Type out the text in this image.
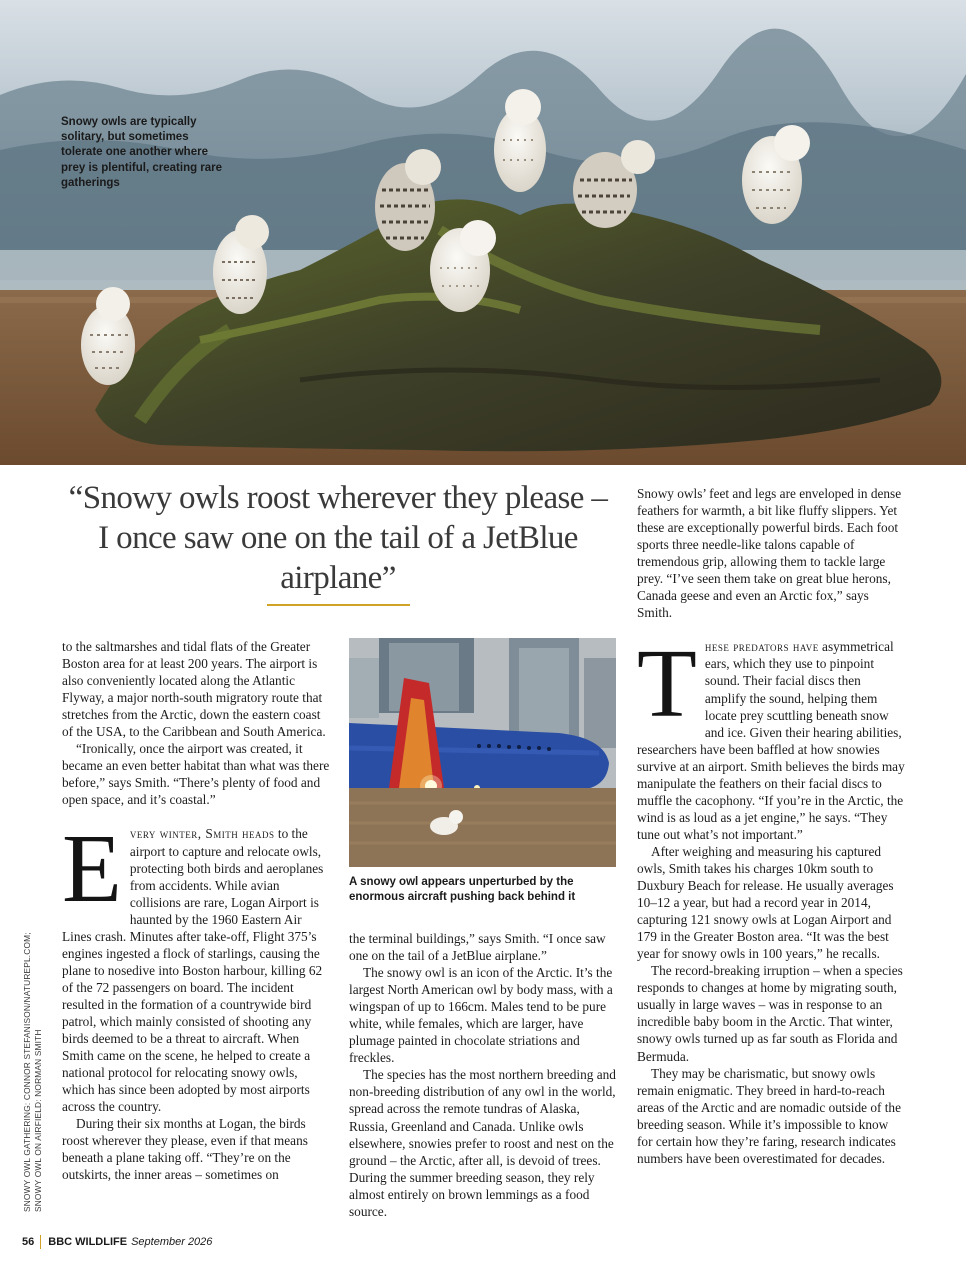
Snowy owls are typically solitary, but sometimes tolerate one another where prey is plentiful, creating rare gatherings
“Snowy owls roost wherever they please – I once saw one on the tail of a JetBlue airplane”

to the saltmarshes and tidal flats of the Greater Boston area for at least 200 years. The airport is also conveniently located along the Atlantic Flyway, a major north-south migratory route that stretches from the Arctic, down the eastern coast of the USA, to the Caribbean and South America.

“Ironically, once the airport was created, it became an even better habitat than what was there before,” says Smith. “There’s plenty of food and open space, and it’s coastal.”

Every winter, Smith heads to the airport to capture and relocate owls, protecting both birds and aeroplanes from accidents. While avian collisions are rare, Logan Airport is haunted by the 1960 Eastern Air Lines crash. Minutes after take-off, Flight 375’s engines ingested a flock of starlings, causing the plane to nosedive into Boston harbour, killing 62 of the 72 passengers on board. The incident resulted in the formation of a countrywide bird patrol, which mainly consisted of shooting any birds deemed to be a threat to aircraft. When Smith came on the scene, he helped to create a national protocol for relocating snowy owls, which has since been adopted by most airports across the country.

During their six months at Logan, the birds roost wherever they please, even if that means beneath a plane taking off. “They’re on the outskirts, the inner areas – sometimes on

A snowy owl appears unperturbed by the enormous aircraft pushing back behind it

the terminal buildings,” says Smith. “I once saw one on the tail of a JetBlue airplane.”

The snowy owl is an icon of the Arctic. It’s the largest North American owl by body mass, with a wingspan of up to 166cm. Males tend to be pure white, while females, which are larger, have plumage painted in chocolate striations and freckles.

The species has the most northern breeding and non-breeding distribution of any owl in the world, spread across the remote tundras of Alaska, Russia, Greenland and Canada. Unlike owls elsewhere, snowies prefer to roost and nest on the ground – the Arctic, after all, is devoid of trees. During the summer breeding season, they rely almost entirely on brown lemmings as a food source.

Snowy owls’ feet and legs are enveloped in dense feathers for warmth, a bit like fluffy slippers. Yet these are exceptionally powerful birds. Each foot sports three needle-like talons capable of tremendous grip, allowing them to tackle large prey. “I’ve seen them take on great blue herons, Canada geese and even an Arctic fox,” says Smith.

These predators have asymmetrical ears, which they use to pinpoint sound. Their facial discs then amplify the sound, helping them locate prey scuttling beneath snow and ice. Given their hearing abilities, researchers have been baffled at how snowies survive at an airport. Smith believes the birds may manipulate the feathers on their facial discs to muffle the cacophony. “If you’re in the Arctic, the wind is as loud as a jet engine,” he says. “They tune out what’s not important.”

After weighing and measuring his captured owls, Smith takes his charges 10km south to Duxbury Beach for release. He usually averages 10–12 a year, but had a record year in 2014, capturing 121 snowy owls at Logan Airport and 179 in the Greater Boston area. “It was the best year for snowy owls in 100 years,” he recalls.

The record-breaking irruption – when a species responds to changes at home by migrating south, usually in large waves – was in response to an incredible baby boom in the Arctic. That winter, snowy owls turned up as far south as Florida and Bermuda.

They may be charismatic, but snowy owls remain enigmatic. They breed in hard-to-reach areas of the Arctic and are nomadic outside of the breeding season. While it’s impossible to know for certain how they’re faring, research indicates numbers have been overestimated for decades.

SNOWY OWL GATHERING: CONNOR STEFANISON/NATUREPL.COM; SNOWY OWL ON AIRFIELD: NORMAN SMITH
56 BBC WILDLIFE September 2026
